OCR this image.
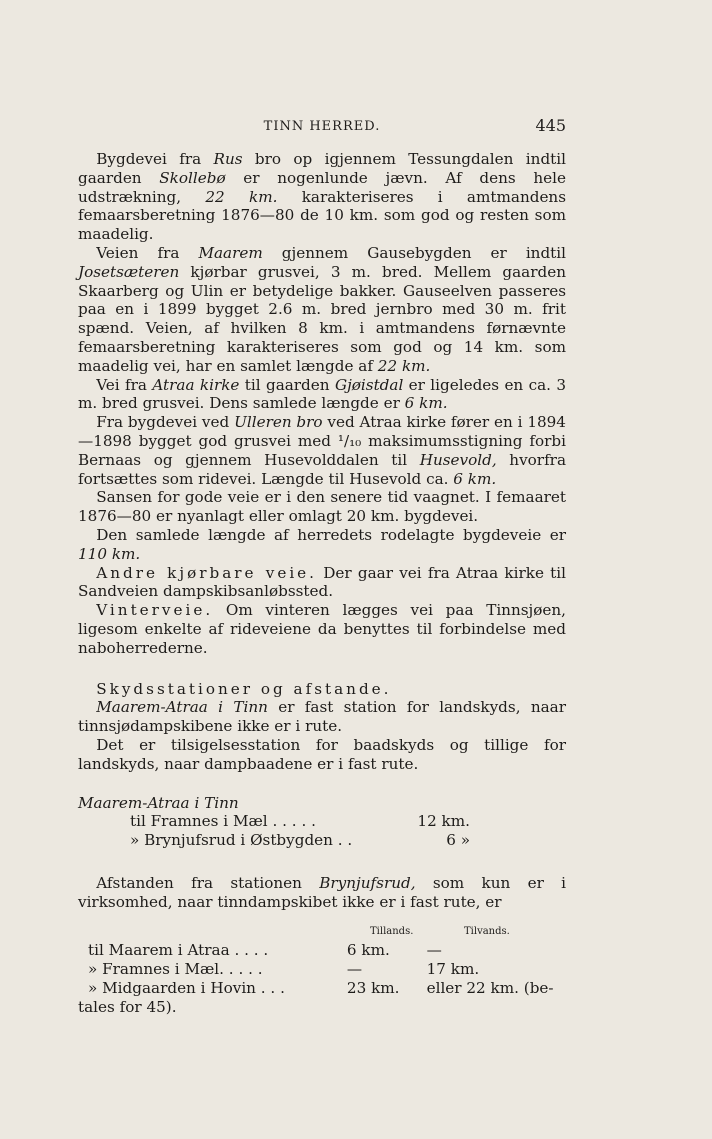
TINN HERRED.	445

Bygdevei fra Rus bro op igjennem Tessungdalen indtil gaarden Skollebø er nogenlunde jævn. Af dens hele udstrækning, 22 km. karakteriseres i amtmandens femaarsberetning 1876—80 de 10 km. som god og resten som maadelig.

Veien fra Maarem gjennem Gausebygden er indtil Josetsæteren kjørbar grusvei, 3 m. bred. Mellem gaarden Skaarberg og Ulin er betydelige bakker. Gauseelven passeres paa en i 1899 bygget 2.6 m. bred jernbro med 30 m. frit spænd. Veien, af hvilken 8 km. i amtmandens førnævnte femaarsberetning karakteriseres som god og 14 km. som maadelig vei, har en samlet længde af 22 km.

Vei fra Atraa kirke til gaarden Gjøistdal er ligeledes en ca. 3 m. bred grusvei. Dens samlede længde er 6 km.

Fra bygdevei ved Ulleren bro ved Atraa kirke fører en i 1894—1898 bygget god grusvei med ¹/₁₀ maksimumsstigning forbi Bernaas og gjennem Husevolddalen til Husevold, hvorfra fortsættes som ridevei. Længde til Husevold ca. 6 km.

Sansen for gode veie er i den senere tid vaagnet. I femaaret 1876—80 er nyanlagt eller omlagt 20 km. bygdevei.

Den samlede længde af herredets rodelagte bygdeveie er 110 km.

Andre kjørbare veie. Der gaar vei fra Atraa kirke til Sandveien dampskibsanløbssted.

Vinterveie. Om vinteren lægges vei paa Tinnsjøen, ligesom enkelte af rideveiene da benyttes til forbindelse med naboherrederne.

Skydsstationer og afstande.

Maarem-Atraa i Tinn er fast station for landskyds, naar tinnsjødampskibene ikke er i rute.

Det er tilsigelsesstation for baadskyds og tillige for landskyds, naar dampbaadene er i fast rute.

Maarem-Atraa i Tinn
til Framnes i Mæl . . . . .	12 km.
» Brynjufsrud i Østbygden . .	6 »

Afstanden fra stationen Brynjufsrud, som kun er i virksomhed, naar tinndampskibet ikke er i fast rute, er

Tillands.	Tilvands.
til Maarem i Atraa . . . .	6 km.	—
» Framnes i Mæl. . . . .	—	17 km.
» Midgaarden i Hovin . . .	23 km.	eller 22 km. (be-
tales for 45).
